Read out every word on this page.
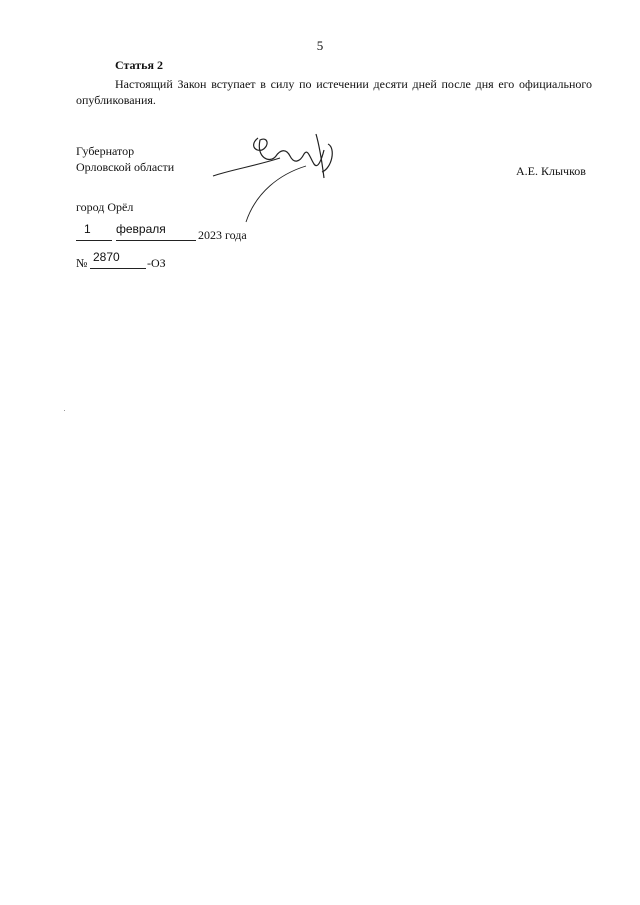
5
Статья 2
Настоящий Закон вступает в силу по истечении десяти дней после дня его официального опубликования.
Губернатор
Орловской области	А.Е. Клычков
город Орёл
1 февраля	2023 года
№ 2870 -ОЗ
